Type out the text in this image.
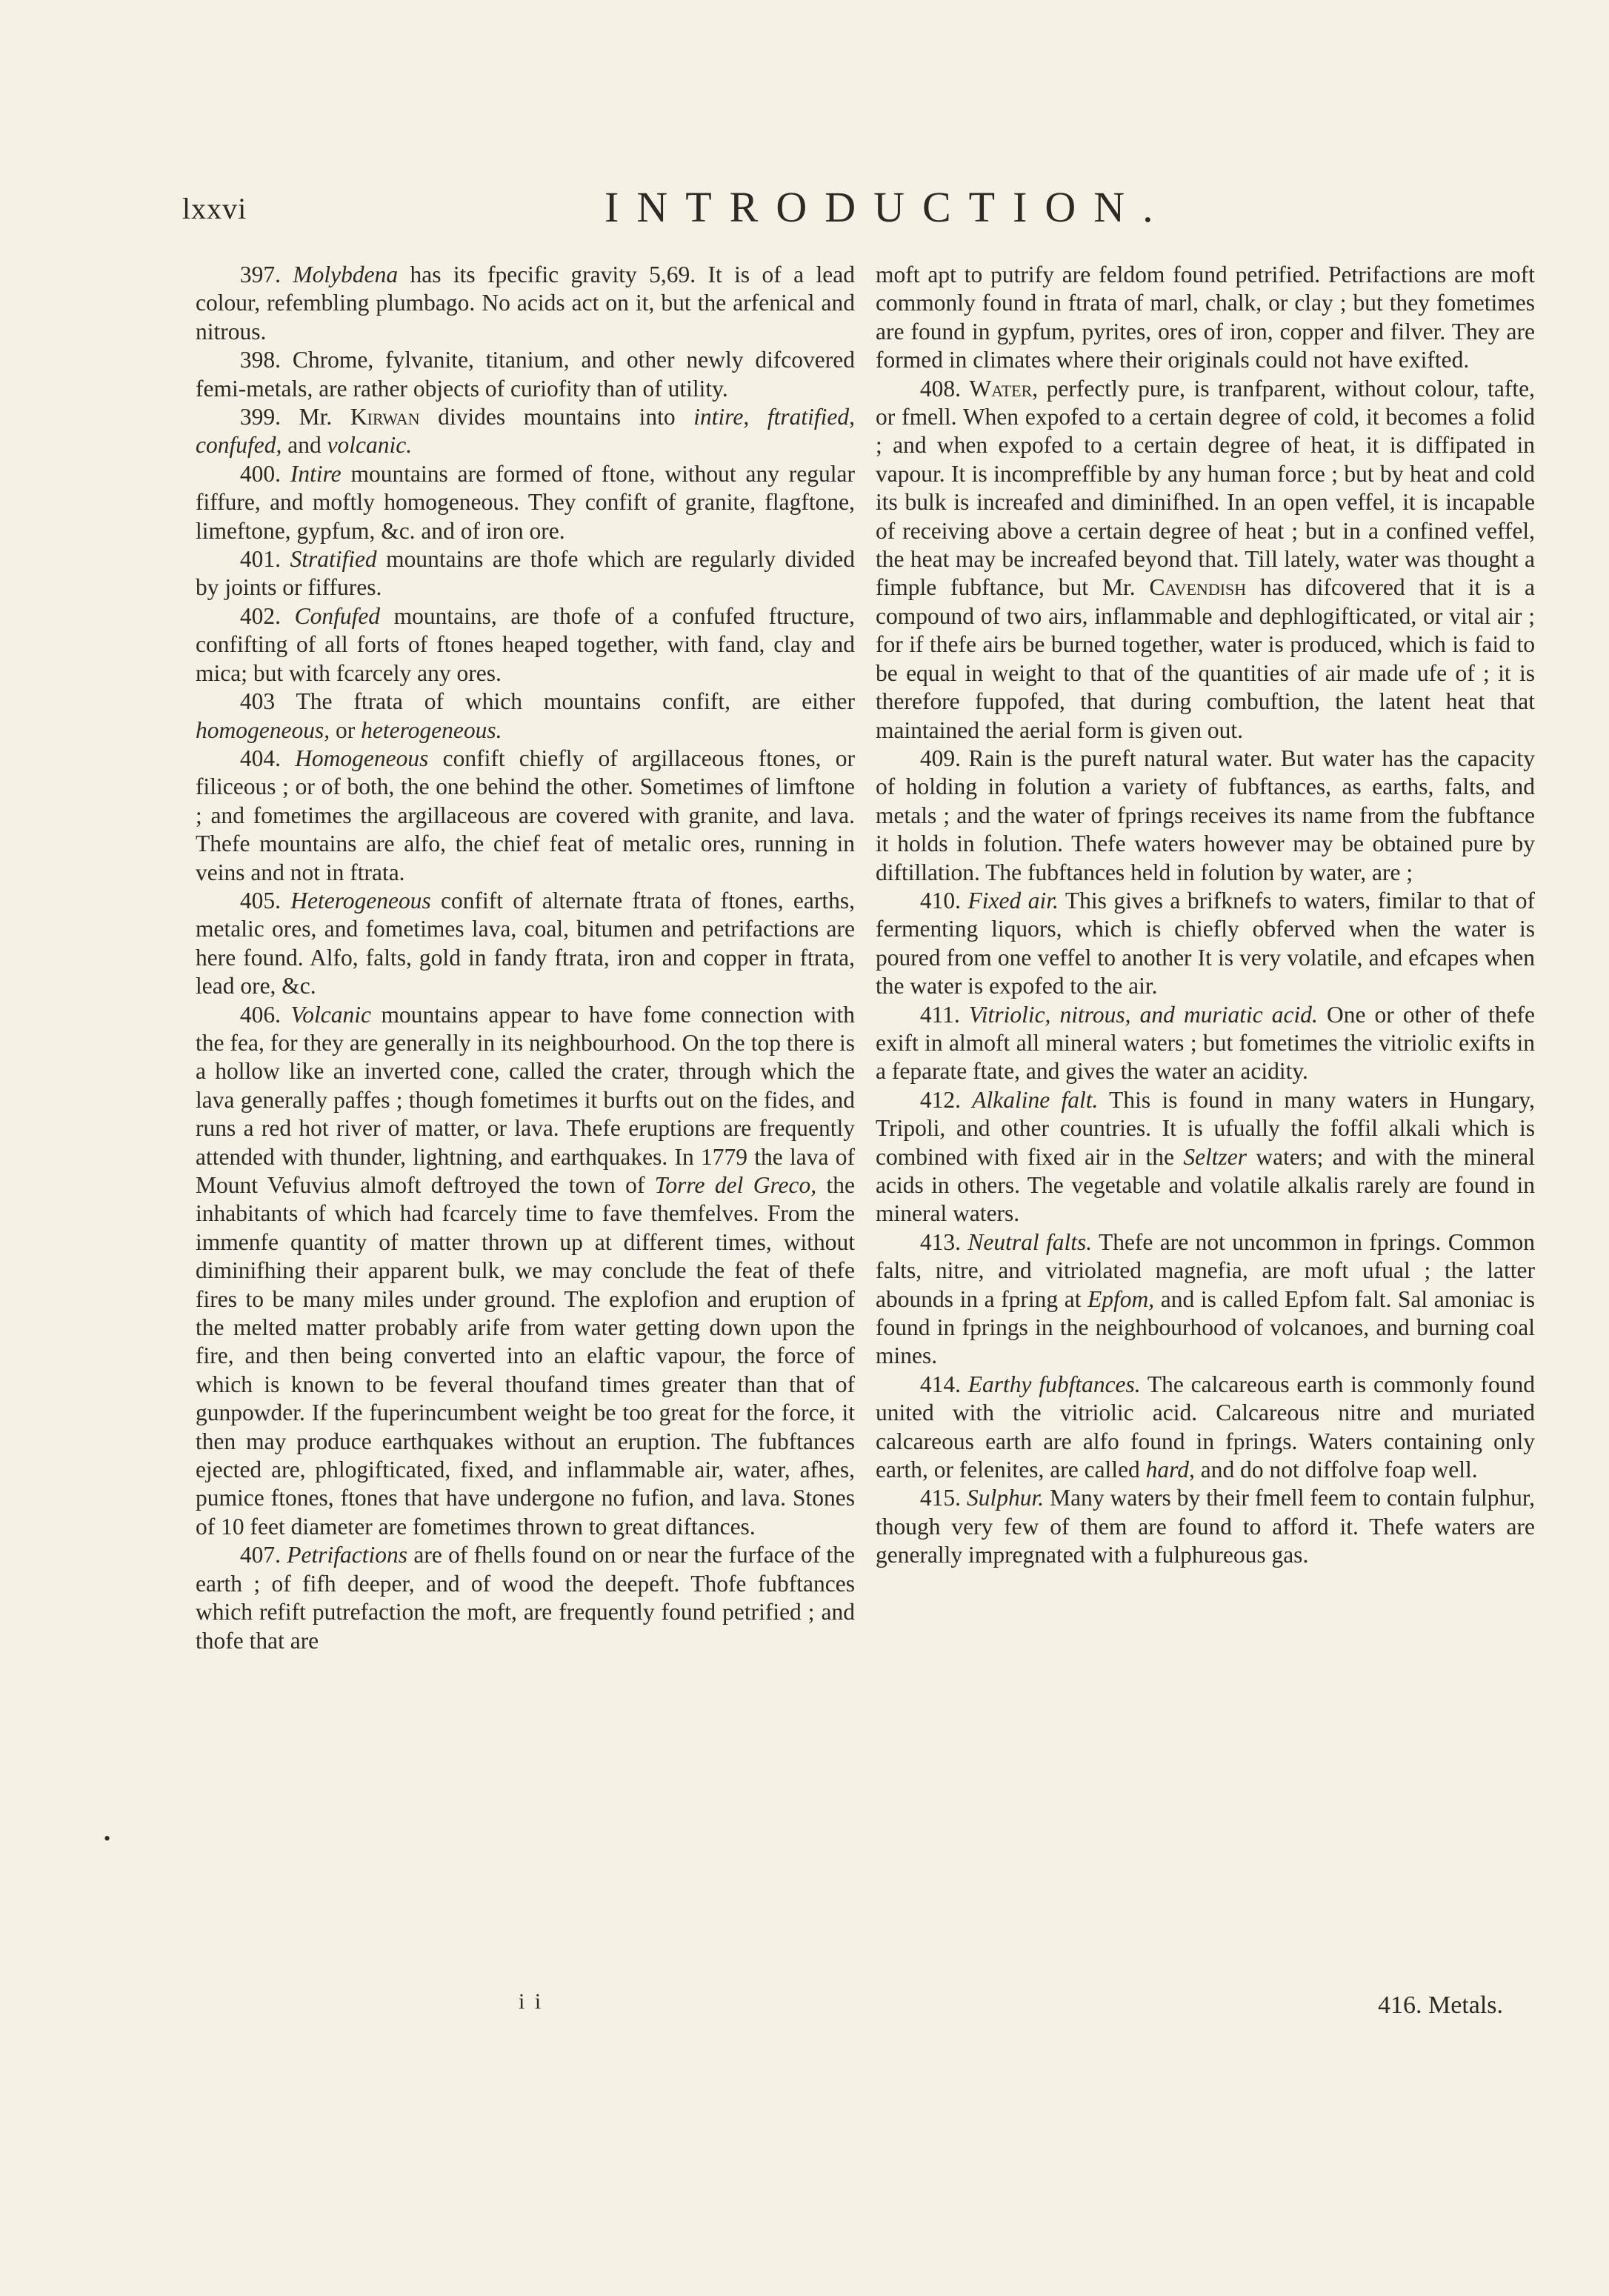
lxxvi	INTRODUCTION.

397. Molybdena has its fpecific gravity 5,69. It is of a lead colour, refembling plumbago. No acids act on it, but the arfenical and nitrous.

398. Chrome, fylvanite, titanium, and other newly difcovered femi-metals, are rather objects of curiofity than of utility.

399. Mr. Kirwan divides mountains into intire, ftratified, confufed, and volcanic.

400. Intire mountains are formed of ftone, without any regular fiffure, and moftly homogeneous. They confift of granite, flagftone, limeftone, gypfum, &c. and of iron ore.

401. Stratified mountains are thofe which are regularly divided by joints or fiffures.

402. Confufed mountains, are thofe of a confufed ftructure, confifting of all forts of ftones heaped together, with fand, clay and mica; but with fcarcely any ores.

403 The ftrata of which mountains confift, are either homogeneous, or heterogeneous.

404. Homogeneous confift chiefly of argillaceous ftones, or filiceous ; or of both, the one behind the other. Sometimes of limftone ; and fometimes the argillaceous are covered with granite, and lava. Thefe mountains are alfo, the chief feat of metalic ores, running in veins and not in ftrata.

405. Heterogeneous confift of alternate ftrata of ftones, earths, metalic ores, and fometimes lava, coal, bitumen and petrifactions are here found. Alfo, falts, gold in fandy ftrata, iron and copper in ftrata, lead ore, &c.

406. Volcanic mountains appear to have fome connection with the fea, for they are generally in its neighbourhood. On the top there is a hollow like an inverted cone, called the crater, through which the lava generally paffes ; though fometimes it burfts out on the fides, and runs a red hot river of matter, or lava. Thefe eruptions are frequently attended with thunder, lightning, and earthquakes. In 1779 the lava of Mount Vefuvius almoft deftroyed the town of Torre del Greco, the inhabitants of which had fcarcely time to fave themfelves. From the immenfe quantity of matter thrown up at different times, without diminifhing their apparent bulk, we may conclude the feat of thefe fires to be many miles under ground. The explofion and eruption of the melted matter probably arife from water getting down upon the fire, and then being converted into an elaftic vapour, the force of which is known to be feveral thoufand times greater than that of gunpowder. If the fuperincumbent weight be too great for the force, it then may produce earthquakes without an eruption. The fubftances ejected are, phlogifticated, fixed, and inflammable air, water, afhes, pumice ftones, ftones that have undergone no fufion, and lava. Stones of 10 feet diameter are fometimes thrown to great diftances.

407. Petrifactions are of fhells found on or near the furface of the earth ; of fifh deeper, and of wood the deepeft. Thofe fubftances which refift putrefaction the moft, are frequently found petrified ; and thofe that are

moft apt to putrify are feldom found petrified. Petrifactions are moft commonly found in ftrata of marl, chalk, or clay ; but they fometimes are found in gypfum, pyrites, ores of iron, copper and filver. They are formed in climates where their originals could not have exifted.

408. Water, perfectly pure, is tranfparent, without colour, tafte, or fmell. When expofed to a certain degree of cold, it becomes a folid ; and when expofed to a certain degree of heat, it is diffipated in vapour. It is incompreffible by any human force ; but by heat and cold its bulk is increafed and diminifhed. In an open veffel, it is incapable of receiving above a certain degree of heat ; but in a confined veffel, the heat may be increafed beyond that. Till lately, water was thought a fimple fubftance, but Mr. Cavendish has difcovered that it is a compound of two airs, inflammable and dephlogifticated, or vital air ; for if thefe airs be burned together, water is produced, which is faid to be equal in weight to that of the quantities of air made ufe of ; it is therefore fuppofed, that during combuftion, the latent heat that maintained the aerial form is given out.

409. Rain is the pureft natural water. But water has the capacity of holding in folution a variety of fubftances, as earths, falts, and metals ; and the water of fprings receives its name from the fubftance it holds in folution. Thefe waters however may be obtained pure by diftillation. The fubftances held in folution by water, are ;

410. Fixed air. This gives a brifknefs to waters, fimilar to that of fermenting liquors, which is chiefly obferved when the water is poured from one veffel to another It is very volatile, and efcapes when the water is expofed to the air.

411. Vitriolic, nitrous, and muriatic acid. One or other of thefe exift in almoft all mineral waters ; but fometimes the vitriolic exifts in a feparate ftate, and gives the water an acidity.

412. Alkaline falt. This is found in many waters in Hungary, Tripoli, and other countries. It is ufually the foffil alkali which is combined with fixed air in the Seltzer waters; and with the mineral acids in others. The vegetable and volatile alkalis rarely are found in mineral waters.

413. Neutral falts. Thefe are not uncommon in fprings. Common falts, nitre, and vitriolated magnefia, are moft ufual ; the latter abounds in a fpring at Epfom, and is called Epfom falt. Sal amoniac is found in fprings in the neighbourhood of volcanoes, and burning coal mines.

414. Earthy fubftances. The calcareous earth is commonly found united with the vitriolic acid. Calcareous nitre and muriated calcareous earth are alfo found in fprings. Waters containing only earth, or felenites, are called hard, and do not diffolve foap well.

415. Sulphur. Many waters by their fmell feem to contain fulphur, though very few of them are found to afford it. Thefe waters are generally impregnated with a fulphureous gas.

•
i i	416. Metals.
